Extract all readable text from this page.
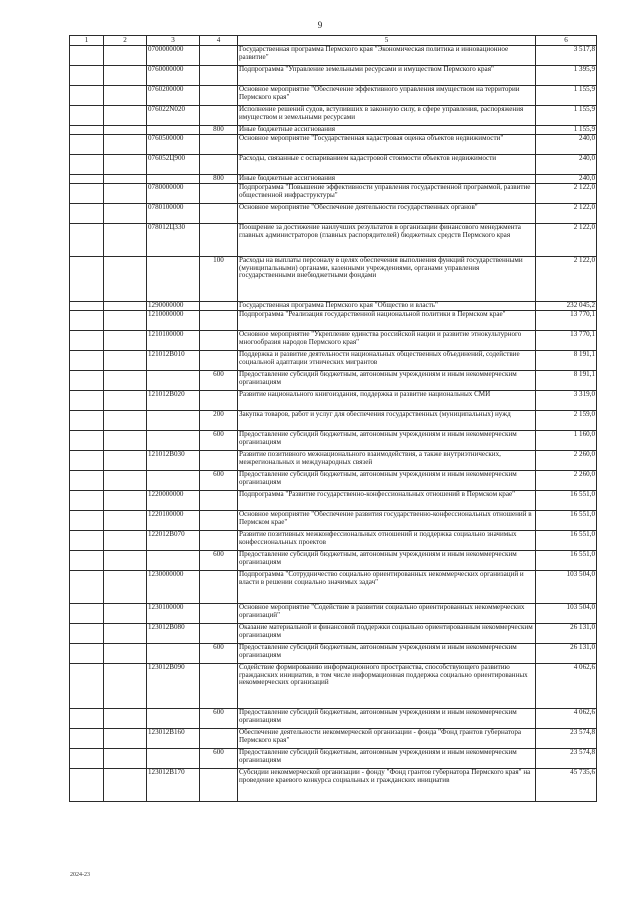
9
1	2	3	4	5	6
		0700000000		Государственная программа Пермского края "Экономическая политика и инновационное развитие"	3 517,8
		0760000000		Подпрограмма "Управление земельными ресурсами и имуществом Пермского края"	1 395,9
		0760200000		Основное мероприятие "Обеспечение эффективного управления имуществом на территории Пермского края"	1 155,9
		076022N020		Исполнение решений судов, вступивших в законную силу, в сфере управления, распоряжения имуществом и земельными ресурсами	1 155,9
			800	Иные бюджетные ассигнования	1 155,9
		0760500000		Основное мероприятие "Государственная кадастровая оценка объектов недвижимости"	240,0
		076052Ц900		Расходы, связанные с оспариванием кадастровой стоимости объектов недвижимости	240,0
			800	Иные бюджетные ассигнования	240,0
		0780000000		Подпрограмма "Повышение эффективности управления государственной программой, развитие общественной инфраструктуры"	2 122,0
		0780100000		Основное мероприятие "Обеспечение деятельности государственных органов"	2 122,0
		078012Ц330		Поощрение за достижение наилучших результатов в организации финансового менеджмента главных администраторов (главных распорядителей) бюджетных средств Пермского края	2 122,0
			100	Расходы на выплаты персоналу в целях обеспечения выполнения функций государственными (муниципальными) органами, казенными учреждениями, органами управления государственными внебюджетными фондами	2 122,0
		1290000000		Государственная программа Пермского края "Общество и власть"	232 045,2
		1210000000		Подпрограмма "Реализация государственной национальной политики в Пермском крае"	13 770,1
		1210100000		Основное мероприятие "Укрепление единства российской нации и развитие этнокультурного многообразия народов Пермского края"	13 770,1
		121012В010		Поддержка и развитие деятельности национальных общественных объединений, содействие социальной адаптации этнических мигрантов	8 191,1
			600	Предоставление субсидий бюджетным, автономным учреждениям и иным некоммерческим организациям	8 191,1
		121012В020		Развитие национального книгоиздания, поддержка и развитие национальных СМИ	3 319,0
			200	Закупка товаров, работ и услуг для обеспечения государственных (муниципальных) нужд	2 159,0
			600	Предоставление субсидий бюджетным, автономным учреждениям и иным некоммерческим организациям	1 160,0
		121012В030		Развитие позитивного межнационального взаимодействия, а также внутриэтнических, межрегиональных и международных связей	2 260,0
			600	Предоставление субсидий бюджетным, автономным учреждениям и иным некоммерческим организациям	2 260,0
		1220000000		Подпрограмма "Развитие государственно-конфессиональных отношений в Пермском крае"	16 551,0
		1220100000		Основное мероприятие "Обеспечение развития государственно-конфессиональных отношений в Пермском крае"	16 551,0
		122012В070		Развитие позитивных межконфессиональных отношений и поддержка социально значимых конфессиональных проектов	16 551,0
			600	Предоставление субсидий бюджетным, автономным учреждениям и иным некоммерческим организациям	16 551,0
		1230000000		Подпрограмма "Сотрудничество социально ориентированных некоммерческих организаций и власти в решении социально значимых задач"	103 504,0
		1230100000		Основное мероприятие "Содействие в развитии социально ориентированных некоммерческих организаций"	103 504,0
		123012В080		Оказание материальной и финансовой поддержки социально ориентированным некоммерческим организациям	26 131,0
			600	Предоставление субсидий бюджетным, автономным учреждениям и иным некоммерческим организациям	26 131,0
		123012В090		Содействие формированию информационного пространства, способствующего развитию гражданских инициатив, в том числе информационная поддержка социально ориентированных некоммерческих организаций	4 062,6
			600	Предоставление субсидий бюджетным, автономным учреждениям и иным некоммерческим организациям	4 062,6
		123012В160		Обеспечение деятельности некоммерческой организации - фонда "Фонд грантов губернатора Пермского края"	23 574,8
			600	Предоставление субсидий бюджетным, автономным учреждениям и иным некоммерческим организациям	23 574,8
		123012В170		Субсидии некоммерческой организации - фонду "Фонд грантов губернатора Пермского края" на проведение краевого конкурса социальных и гражданских инициатив	45 735,6
2024-23
